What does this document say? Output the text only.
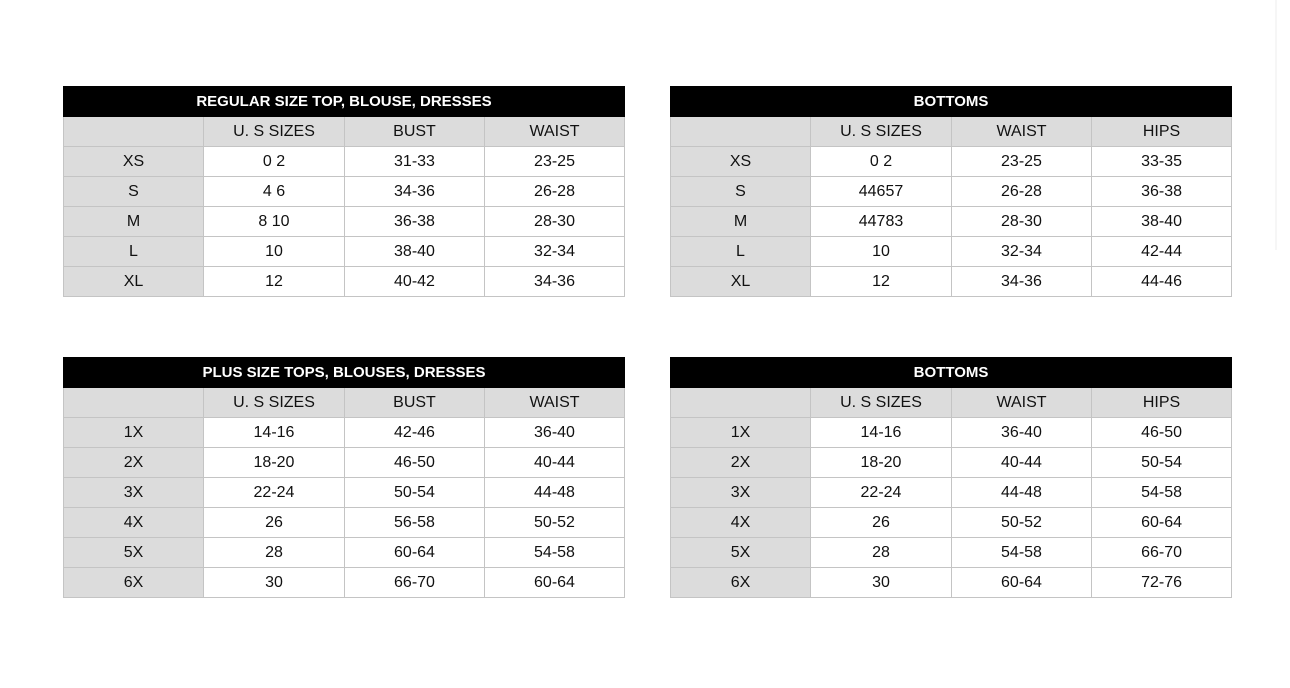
REGULAR SIZE TOP, BLOUSE, DRESSES			
	U. S SIZES	BUST	WAIST
XS	0 2	31-33	23-25
S	4 6	34-36	26-28
M	8 10	36-38	28-30
L	10	38-40	32-34
XL	12	40-42	34-36
BOTTOMS			
	U. S SIZES	WAIST	HIPS
XS	0 2	23-25	33-35
S	44657	26-28	36-38
M	44783	28-30	38-40
L	10	32-34	42-44
XL	12	34-36	44-46
PLUS SIZE TOPS, BLOUSES, DRESSES			
	U. S SIZES	BUST	WAIST
1X	14-16	42-46	36-40
2X	18-20	46-50	40-44
3X	22-24	50-54	44-48
4X	26	56-58	50-52
5X	28	60-64	54-58
6X	30	66-70	60-64
BOTTOMS			
	U. S SIZES	WAIST	HIPS
1X	14-16	36-40	46-50
2X	18-20	40-44	50-54
3X	22-24	44-48	54-58
4X	26	50-52	60-64
5X	28	54-58	66-70
6X	30	60-64	72-76
